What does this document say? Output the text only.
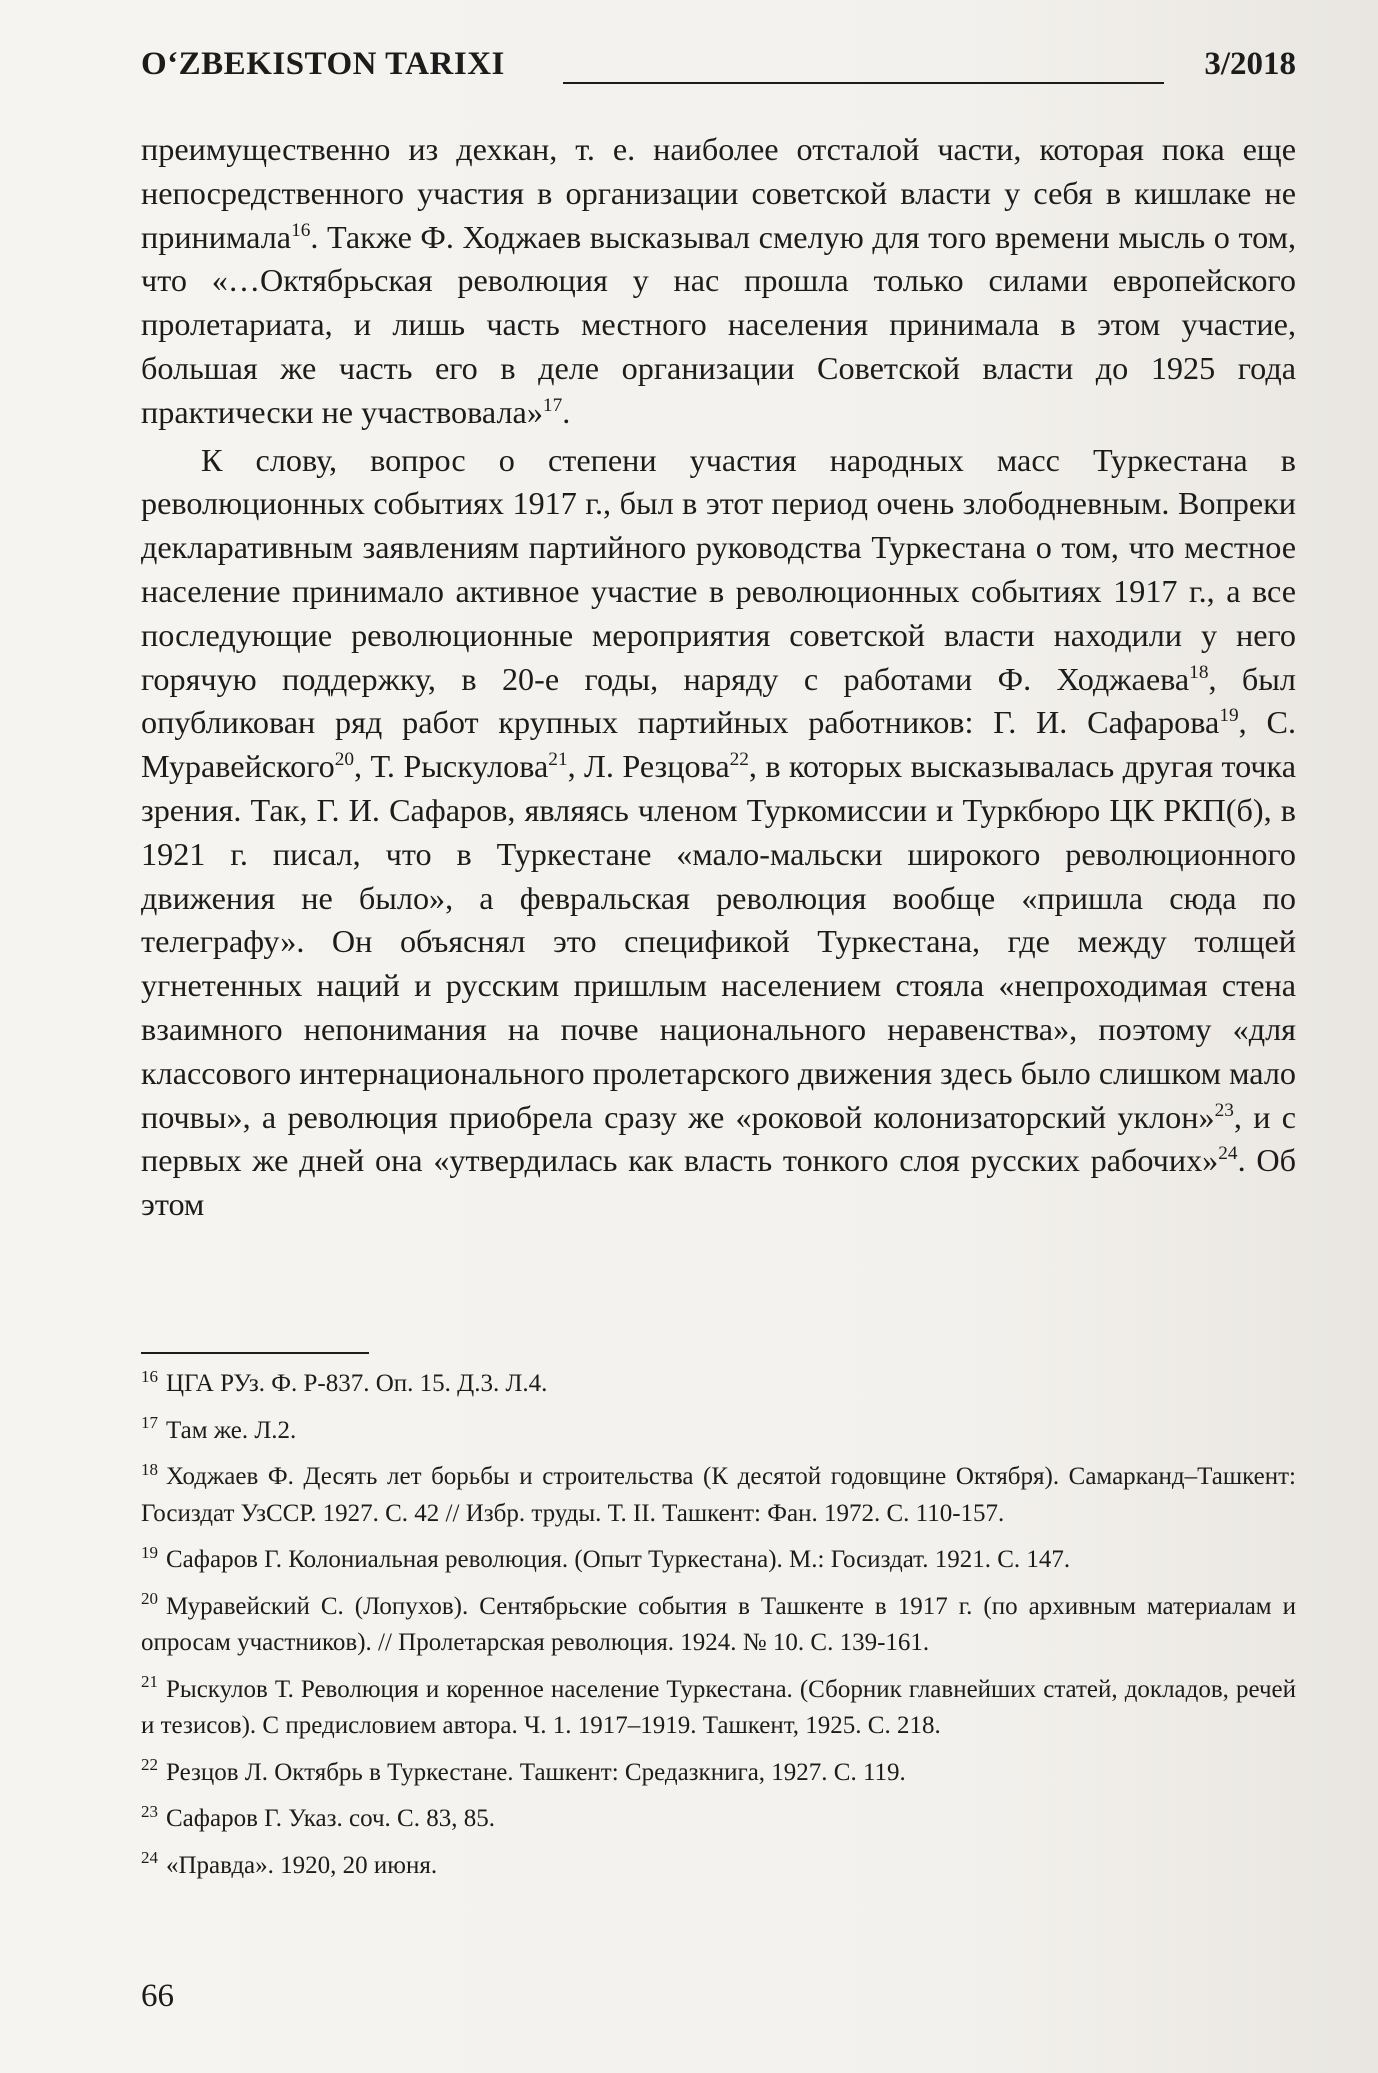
O‘ZBEKISTON TARIXI	3/2018

преимущественно из дехкан, т. е. наиболее отсталой части, которая пока еще непосредственного участия в организации советской власти у себя в кишлаке не принимала$^{16}$. Также Ф. Ходжаев высказывал смелую для того времени мысль о том, что «…Октябрьская революция у нас прошла только силами европейского пролетариата, и лишь часть местного населения принимала в этом участие, большая же часть его в деле организации Советской власти до 1925 года практически не участвовала»$^{17}$.

К слову, вопрос о степени участия народных масс Туркестана в революционных событиях 1917 г., был в этот период очень злободневным. Вопреки декларативным заявлениям партийного руководства Туркестана о том, что местное население принимало активное участие в революционных событиях 1917 г., а все последующие революционные мероприятия советской власти находили у него горячую поддержку, в 20-е годы, наряду с работами Ф. Ходжаева$^{18}$, был опубликован ряд работ крупных партийных работников: Г. И. Сафарова$^{19}$, С. Муравейского$^{20}$, Т. Рыскулова$^{21}$, Л. Резцова$^{22}$, в которых высказывалась другая точка зрения. Так, Г. И. Сафаров, являясь членом Туркомиссии и Туркбюро ЦК РКП(б), в 1921 г. писал, что в Туркестане «мало-мальски широкого революционного движения не было», а февральская революция вообще «пришла сюда по телеграфу». Он объяснял это спецификой Туркестана, где между толщей угнетенных наций и русским пришлым населением стояла «непроходимая стена взаимного непонимания на почве национального неравенства», поэтому «для классового интернационального пролетарского движения здесь было слишком мало почвы», а революция приобрела сразу же «роковой колонизаторский уклон»$^{23}$, и с первых же дней она «утвердилась как власть тонкого слоя русских рабочих»$^{24}$. Об этом

$^{16}$ ЦГА РУз. Ф. Р-837. Оп. 15. Д.3. Л.4.

$^{17}$ Там же. Л.2.

$^{18}$ Ходжаев Ф. Десять лет борьбы и строительства (К десятой годовщине Октября). Самарканд–Ташкент: Госиздат УзССР. 1927. С. 42 // Избр. труды. Т. II. Ташкент: Фан. 1972. С. 110-157.

$^{19}$ Сафаров Г. Колониальная революция. (Опыт Туркестана). М.: Госиздат. 1921. С. 147.

$^{20}$ Муравейский С. (Лопухов). Сентябрьские события в Ташкенте в 1917 г. (по архивным материалам и опросам участников). // Пролетарская революция. 1924. № 10. С. 139-161.

$^{21}$ Рыскулов Т. Революция и коренное население Туркестана. (Сборник главнейших статей, докладов, речей и тезисов). С предисловием автора. Ч. 1. 1917–1919. Ташкент, 1925. С. 218.

$^{22}$ Резцов Л. Октябрь в Туркестане. Ташкент: Средазкнига, 1927. С. 119.

$^{23}$ Сафаров Г. Указ. соч. С. 83, 85.

$^{24}$ «Правда». 1920, 20 июня.

66
